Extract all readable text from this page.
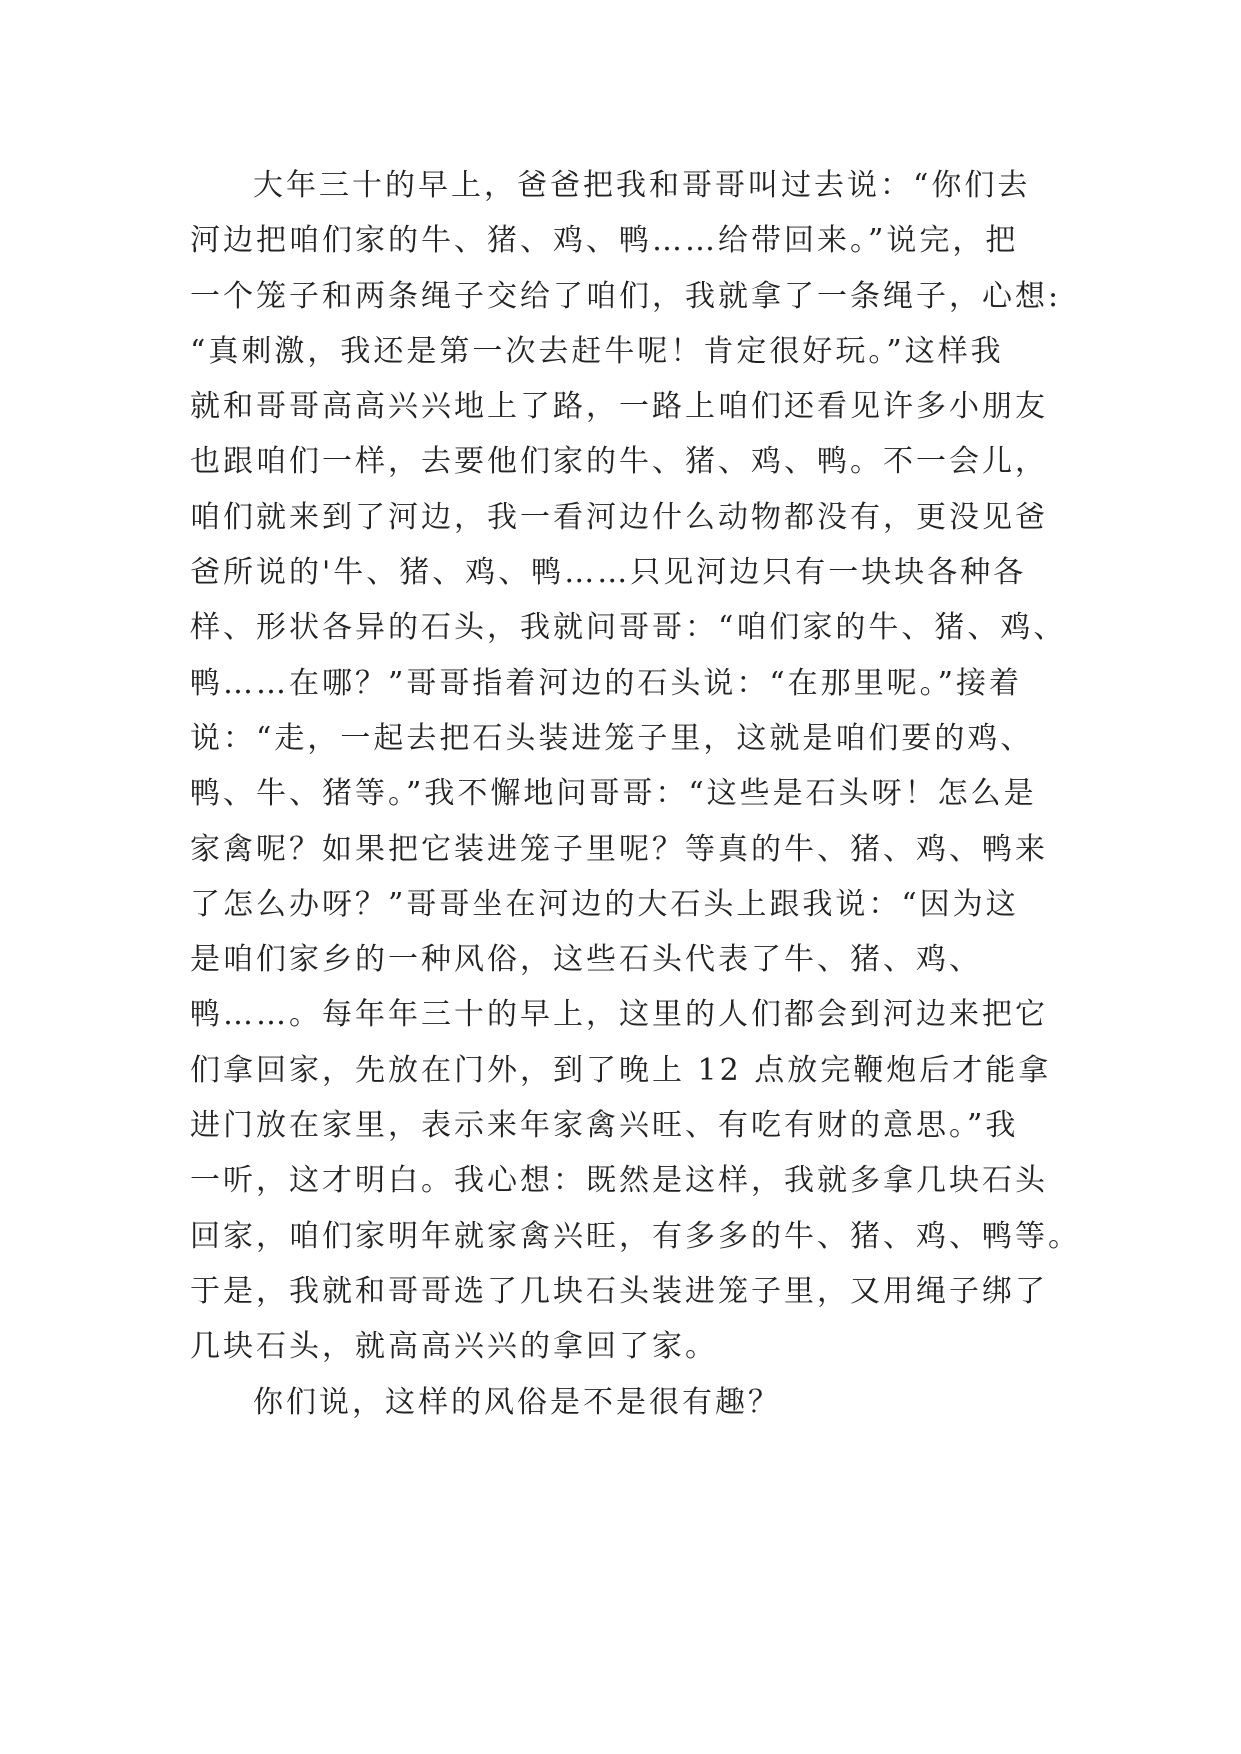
大年三十的早上，爸爸把我和哥哥叫过去说：“你们去
河边把咱们家的牛、猪、鸡、鸭……给带回来。”说完，把
一个笼子和两条绳子交给了咱们，我就拿了一条绳子，心想:
“真刺激，我还是第一次去赶牛呢！肯定很好玩。”这样我
就和哥哥高高兴兴地上了路，一路上咱们还看见许多小朋友
也跟咱们一样，去要他们家的牛、猪、鸡、鸭。不一会儿，
咱们就来到了河边，我一看河边什么动物都没有，更没见爸
爸所说的'牛、猪、鸡、鸭……只见河边只有一块块各种各
样、形状各异的石头，我就问哥哥：“咱们家的牛、猪、鸡、
鸭……在哪？”哥哥指着河边的石头说：“在那里呢。”接着
说：“走，一起去把石头装进笼子里，这就是咱们要的鸡、
鸭、牛、猪等。”我不懈地问哥哥：“这些是石头呀！怎么是
家禽呢？如果把它装进笼子里呢？等真的牛、猪、鸡、鸭来
了怎么办呀？”哥哥坐在河边的大石头上跟我说：“因为这
是咱们家乡的一种风俗，这些石头代表了牛、猪、鸡、
鸭……。每年年三十的早上，这里的人们都会到河边来把它
们拿回家，先放在门外，到了晚上 12 点放完鞭炮后才能拿
进门放在家里，表示来年家禽兴旺、有吃有财的意思。”我
一听，这才明白。我心想：既然是这样，我就多拿几块石头
回家，咱们家明年就家禽兴旺，有多多的牛、猪、鸡、鸭等。
于是，我就和哥哥选了几块石头装进笼子里，又用绳子绑了
几块石头，就高高兴兴的拿回了家。
你们说，这样的风俗是不是很有趣？
